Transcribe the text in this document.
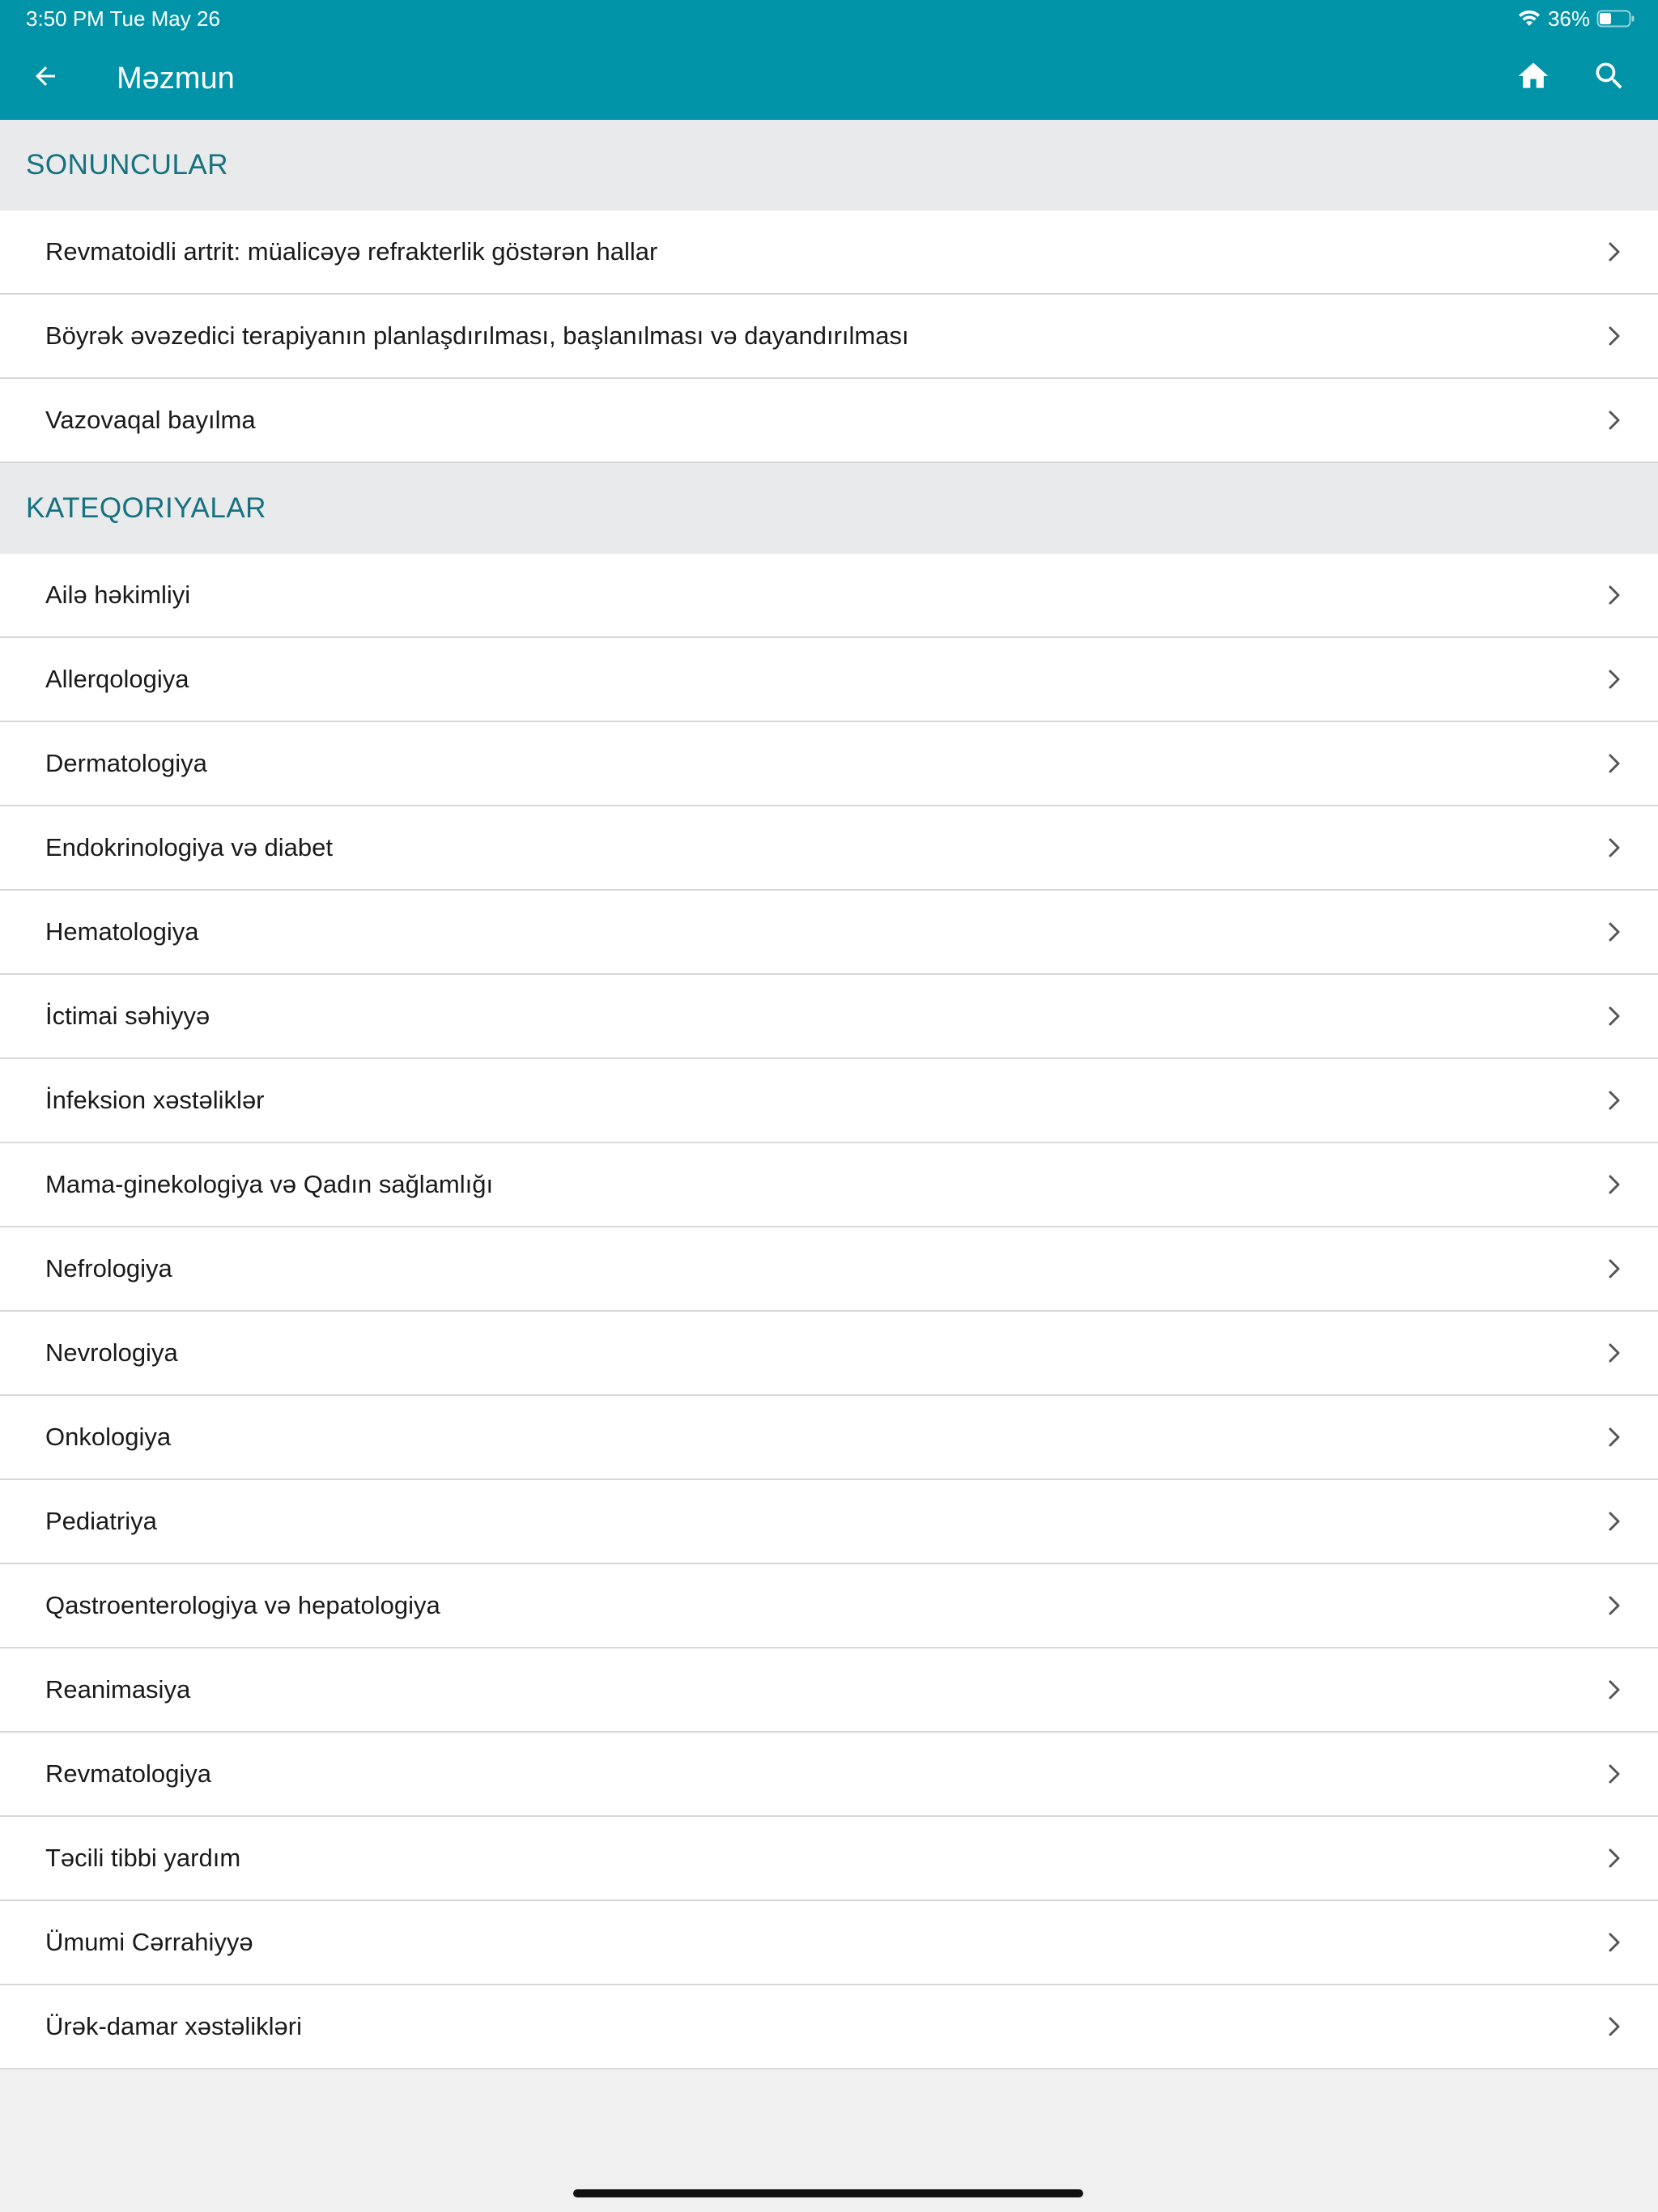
3:50 PM Tue May 26	36%
Məzmun
SONUNCULAR
Revmatoidli artrit: müalicəyə refrakterlik göstərən hallar
Böyrək əvəzedici terapiyanın planlaşdırılması, başlanılması və dayandırılması
Vazovaqal bayılma
KATEQORIYALAR
Ailə həkimliyi
Allerqologiya
Dermatologiya
Endokrinologiya və diabet
Hematologiya
İctimai səhiyyə
İnfeksion xəstəliklər
Mama-ginekologiya və Qadın sağlamlığı
Nefrologiya
Nevrologiya
Onkologiya
Pediatriya
Qastroenterologiya və hepatologiya
Reanimasiya
Revmatologiya
Təcili tibbi yardım
Ümumi Cərrahiyyə
Ürək-damar xəstəlikləri
